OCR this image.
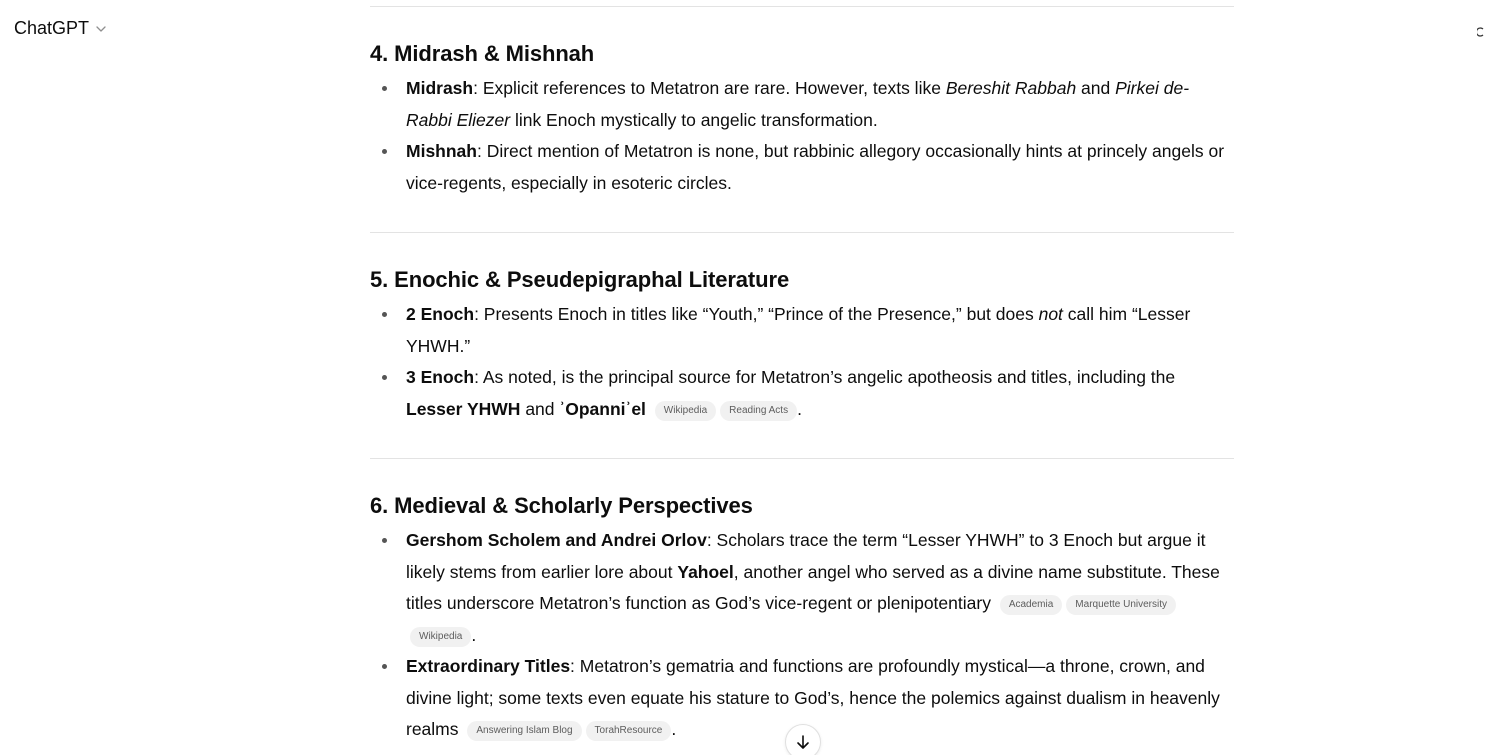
ChatGPT
4. Midrash & Mishnah
Midrash: Explicit references to Metatron are rare. However, texts like Bereshit Rabbah and Pirkei de-Rabbi Eliezer link Enoch mystically to angelic transformation.
Mishnah: Direct mention of Metatron is none, but rabbinic allegory occasionally hints at princely angels or vice-regents, especially in esoteric circles.
5. Enochic & Pseudepigraphal Literature
2 Enoch: Presents Enoch in titles like “Youth,” “Prince of the Presence,” but does not call him “Lesser YHWH.”
3 Enoch: As noted, is the principal source for Metatron’s angelic apotheosis and titles, including the Lesser YHWH and ʾOpanniʾel Wikipedia Reading Acts .
6. Medieval & Scholarly Perspectives
Gershom Scholem and Andrei Orlov: Scholars trace the term “Lesser YHWH” to 3 Enoch but argue it likely stems from earlier lore about Yahoel, another angel who served as a divine name substitute. These titles underscore Metatron’s function as God’s vice-regent or plenipotentiary Academia Marquette University Wikipedia .
Extraordinary Titles: Metatron’s gematria and functions are profoundly mystical—a throne, crown, and divine light; some texts even equate his stature to God’s, hence the polemics against dualism in heavenly realms Answering Islam Blog TorahResource .
